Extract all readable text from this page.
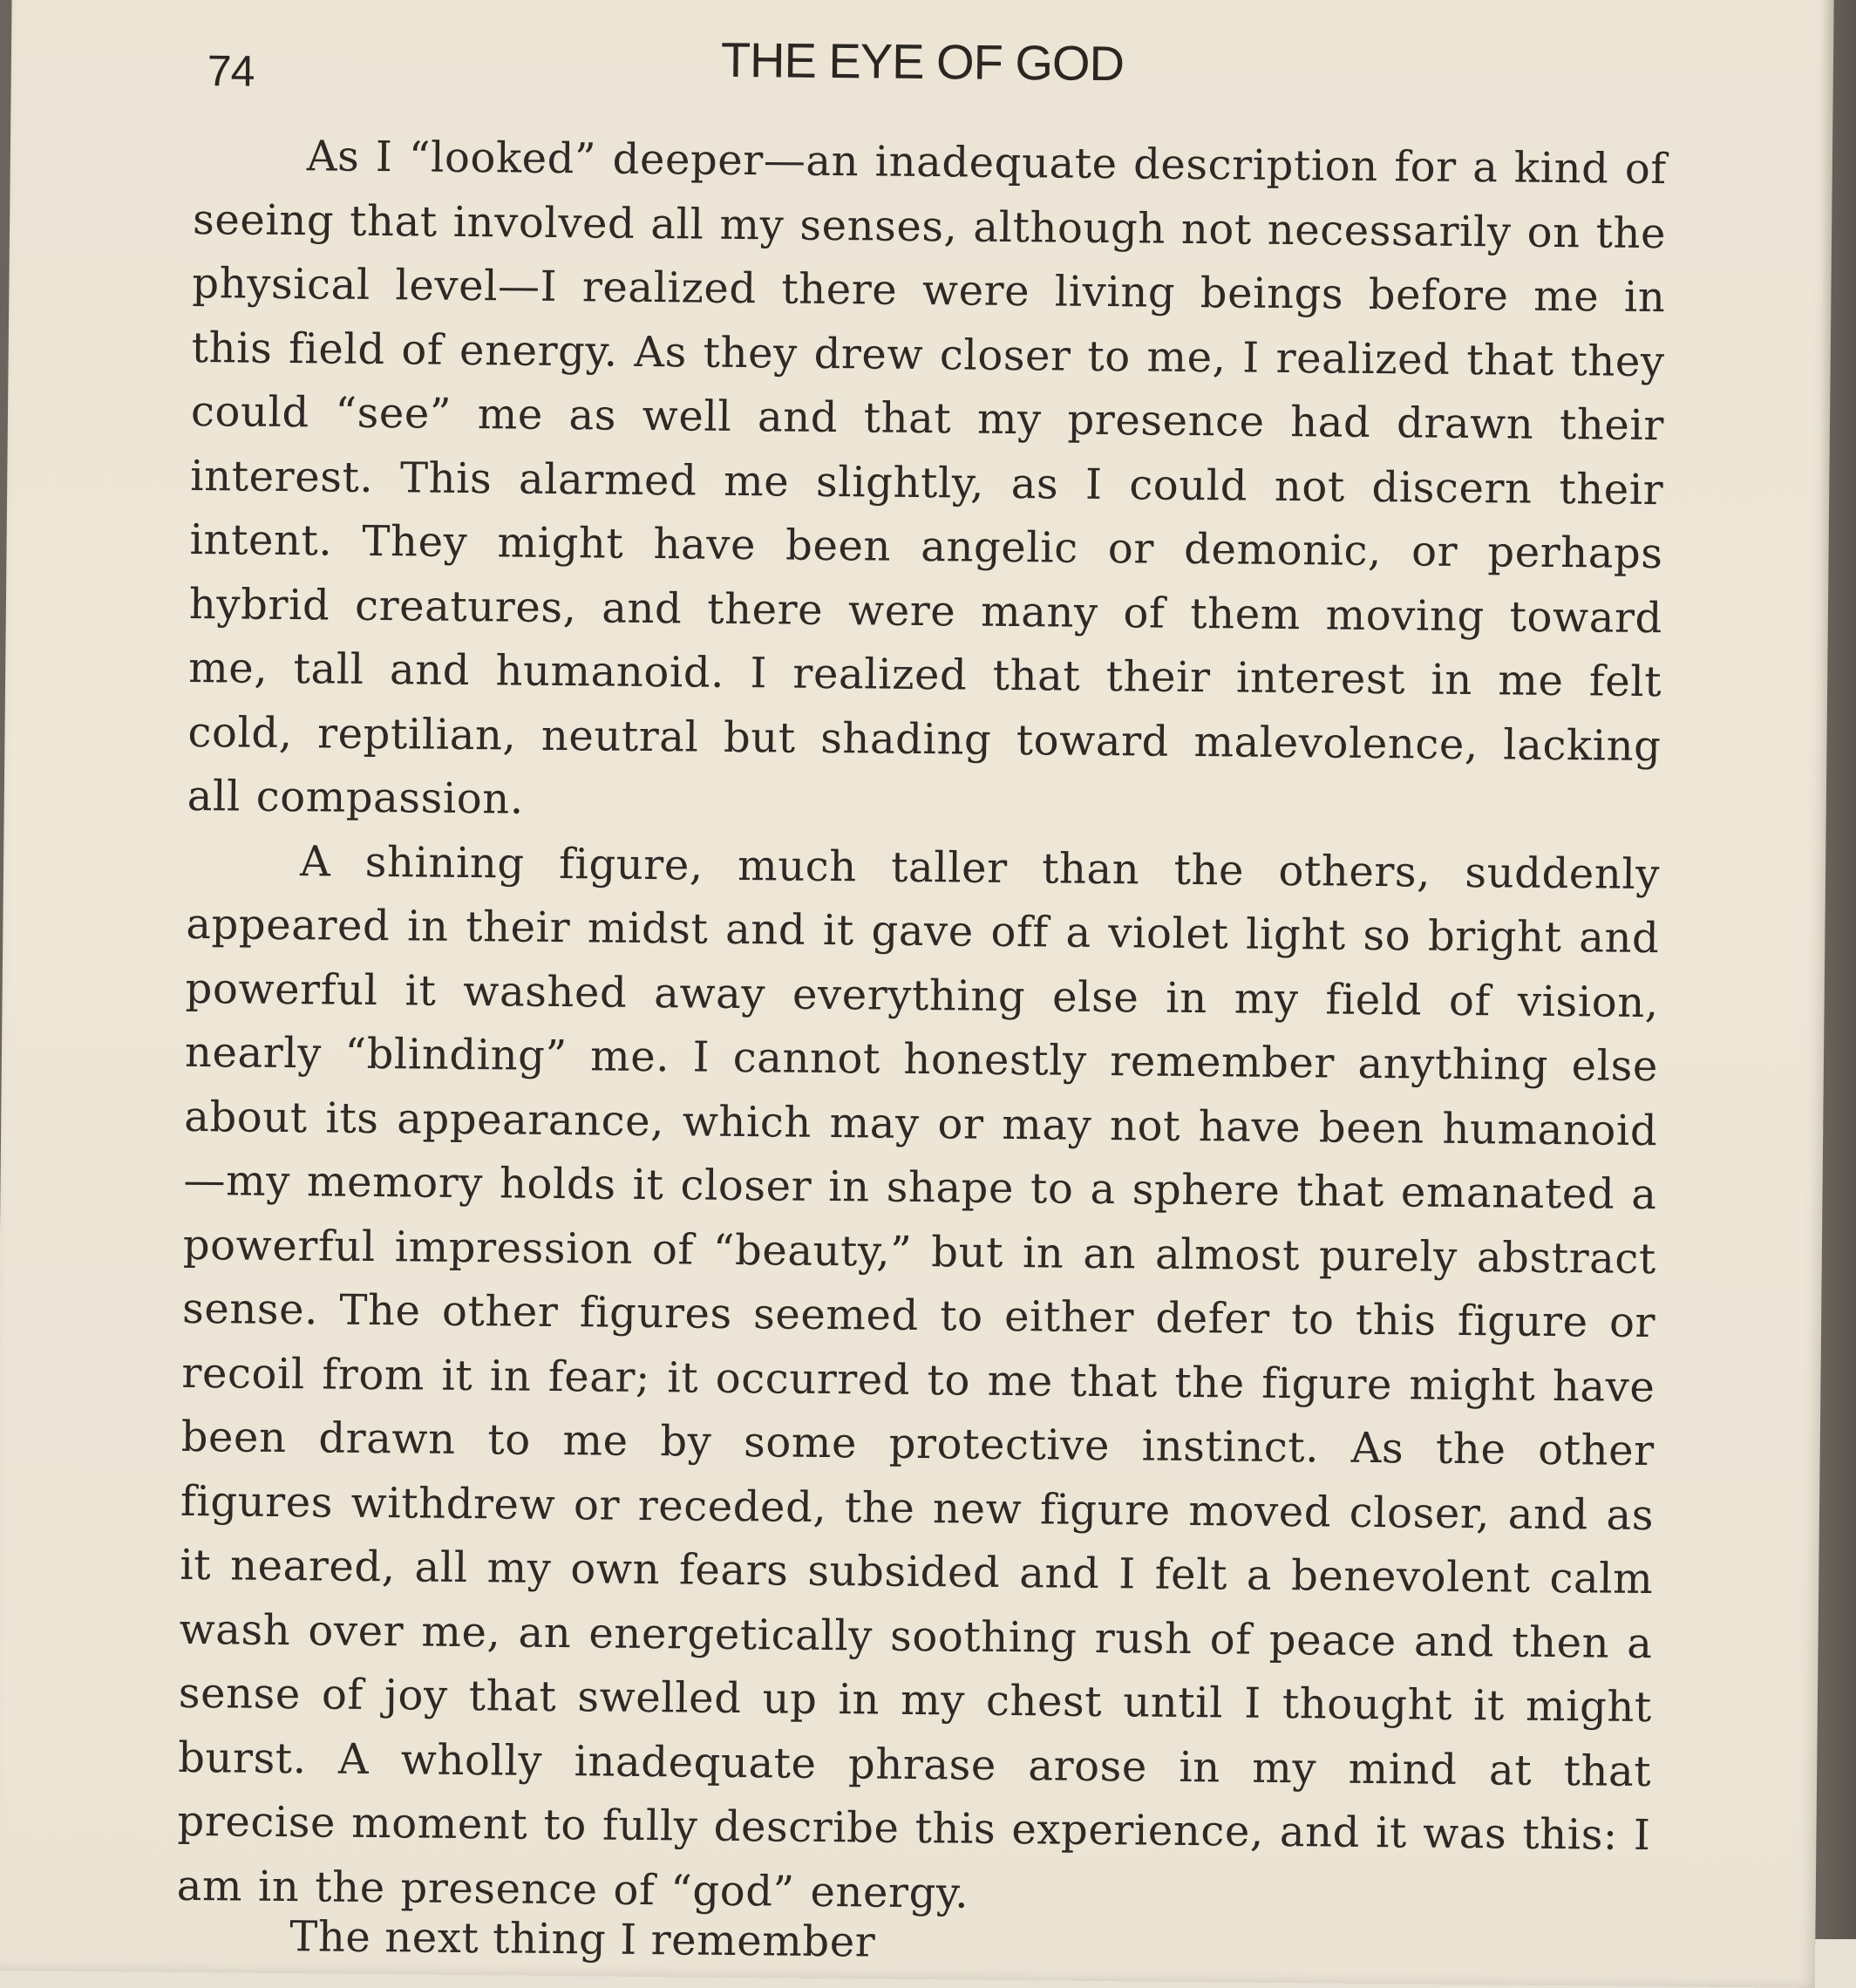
74	THE EYE OF GOD

As I “looked” deeper—an inadequate description for a kind of seeing that involved all my senses, although not necessarily on the physical level—I realized there were living beings before me in this field of energy. As they drew closer to me, I realized that they could “see” me as well and that my presence had drawn their interest. This alarmed me slightly, as I could not discern their intent. They might have been angelic or demonic, or perhaps hybrid creatures, and there were many of them moving toward me, tall and humanoid. I realized that their interest in me felt cold, reptilian, neutral but shading toward malevolence, lacking all compassion.

A shining figure, much taller than the others, suddenly appeared in their midst and it gave off a violet light so bright and powerful it washed away everything else in my field of vision, nearly “blinding” me. I cannot honestly remember anything else about its appearance, which may or may not have been humanoid—my memory holds it closer in shape to a sphere that emanated a powerful impression of “beauty,” but in an almost purely abstract sense. The other figures seemed to either defer to this figure or recoil from it in fear; it occurred to me that the figure might have been drawn to me by some protective instinct. As the other figures withdrew or receded, the new figure moved closer, and as it neared, all my own fears subsided and I felt a benevolent calm wash over me, an energetically soothing rush of peace and then a sense of joy that swelled up in my chest until I thought it might burst. A wholly inadequate phrase arose in my mind at that precise moment to fully describe this experience, and it was this: I am in the presence of “god” energy.

The next thing I remember
